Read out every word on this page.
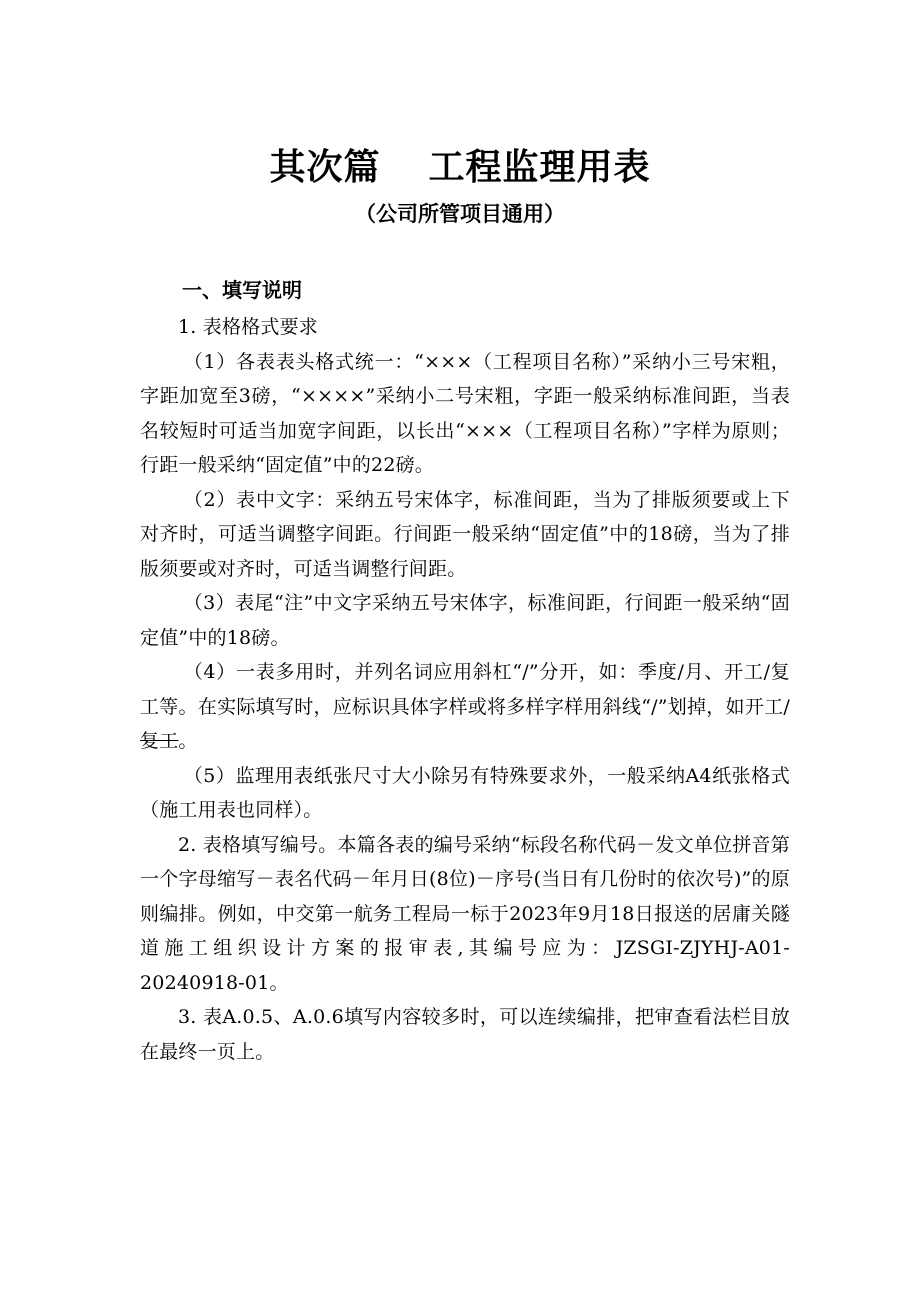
其次篇 工程监理用表
（公司所管项目通用）
一、填写说明

1. 表格格式要求

（1）各表表头格式统一：“×××（工程项目名称）”采纳小三号宋粗，字距加宽至3磅，“××××”采纳小二号宋粗，字距一般采纳标准间距，当表名较短时可适当加宽字间距，以长出“×××（工程项目名称）”字样为原则；行距一般采纳“固定值”中的22磅。

（2）表中文字：采纳五号宋体字，标准间距，当为了排版须要或上下对齐时，可适当调整字间距。行间距一般采纳“固定值”中的18磅，当为了排版须要或对齐时，可适当调整行间距。

（3）表尾“注”中文字采纳五号宋体字，标准间距，行间距一般采纳“固定值”中的18磅。

（4）一表多用时，并列名词应用斜杠“/”分开，如：季度/月、开工/复工等。在实际填写时，应标识具体字样或将多样字样用斜线“/”划掉，如开工/复工。

（5）监理用表纸张尺寸大小除另有特殊要求外，一般采纳A4纸张格式（施工用表也同样）。

2. 表格填写编号。本篇各表的编号采纳“标段名称代码－发文单位拼音第一个字母缩写－表名代码－年月日(8位)－序号(当日有几份时的依次号)”的原则编排。例如，中交第一航务工程局一标于2023年9月18日报送的居庸关隧道施工组织设计方案的报审表,其编号应为：JZSGI-ZJYHJ-A01-20240918-01。

3. 表A.0.5、A.0.6填写内容较多时，可以连续编排，把审查看法栏目放在最终一页上。
